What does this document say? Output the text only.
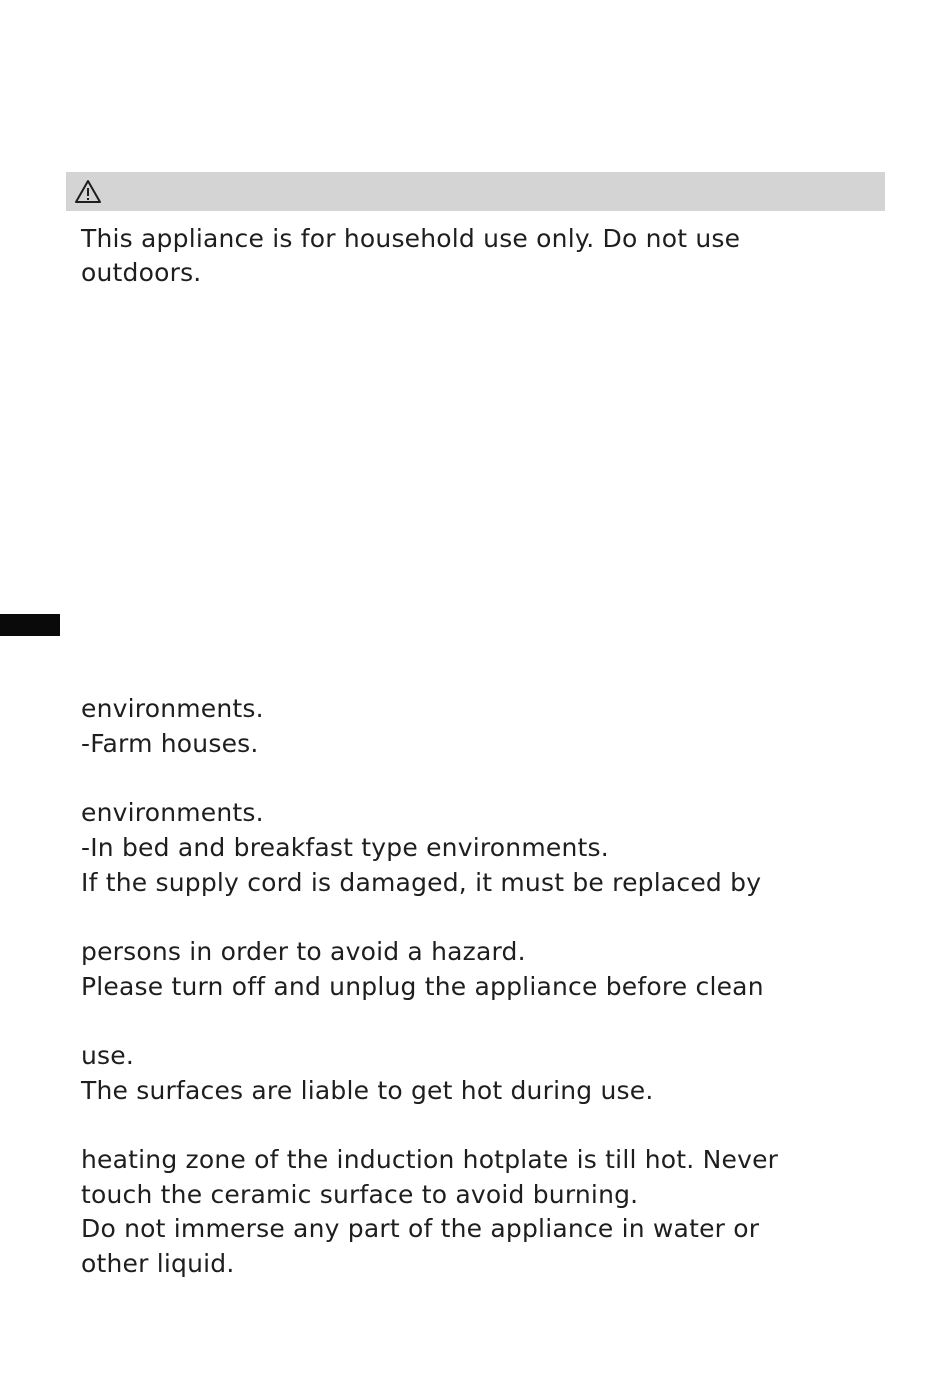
This appliance is for household use only. Do not use
outdoors.
environments.
-Farm houses.
environments.
-In bed and breakfast type environments.
If the supply cord is damaged, it must be replaced by
persons in order to avoid a hazard.
Please turn off and unplug the appliance before clean
use.
The surfaces are liable to get hot during use.
heating zone of the induction hotplate is till hot. Never
touch the ceramic surface to avoid burning.
Do not immerse any part of the appliance in water or
other liquid.
